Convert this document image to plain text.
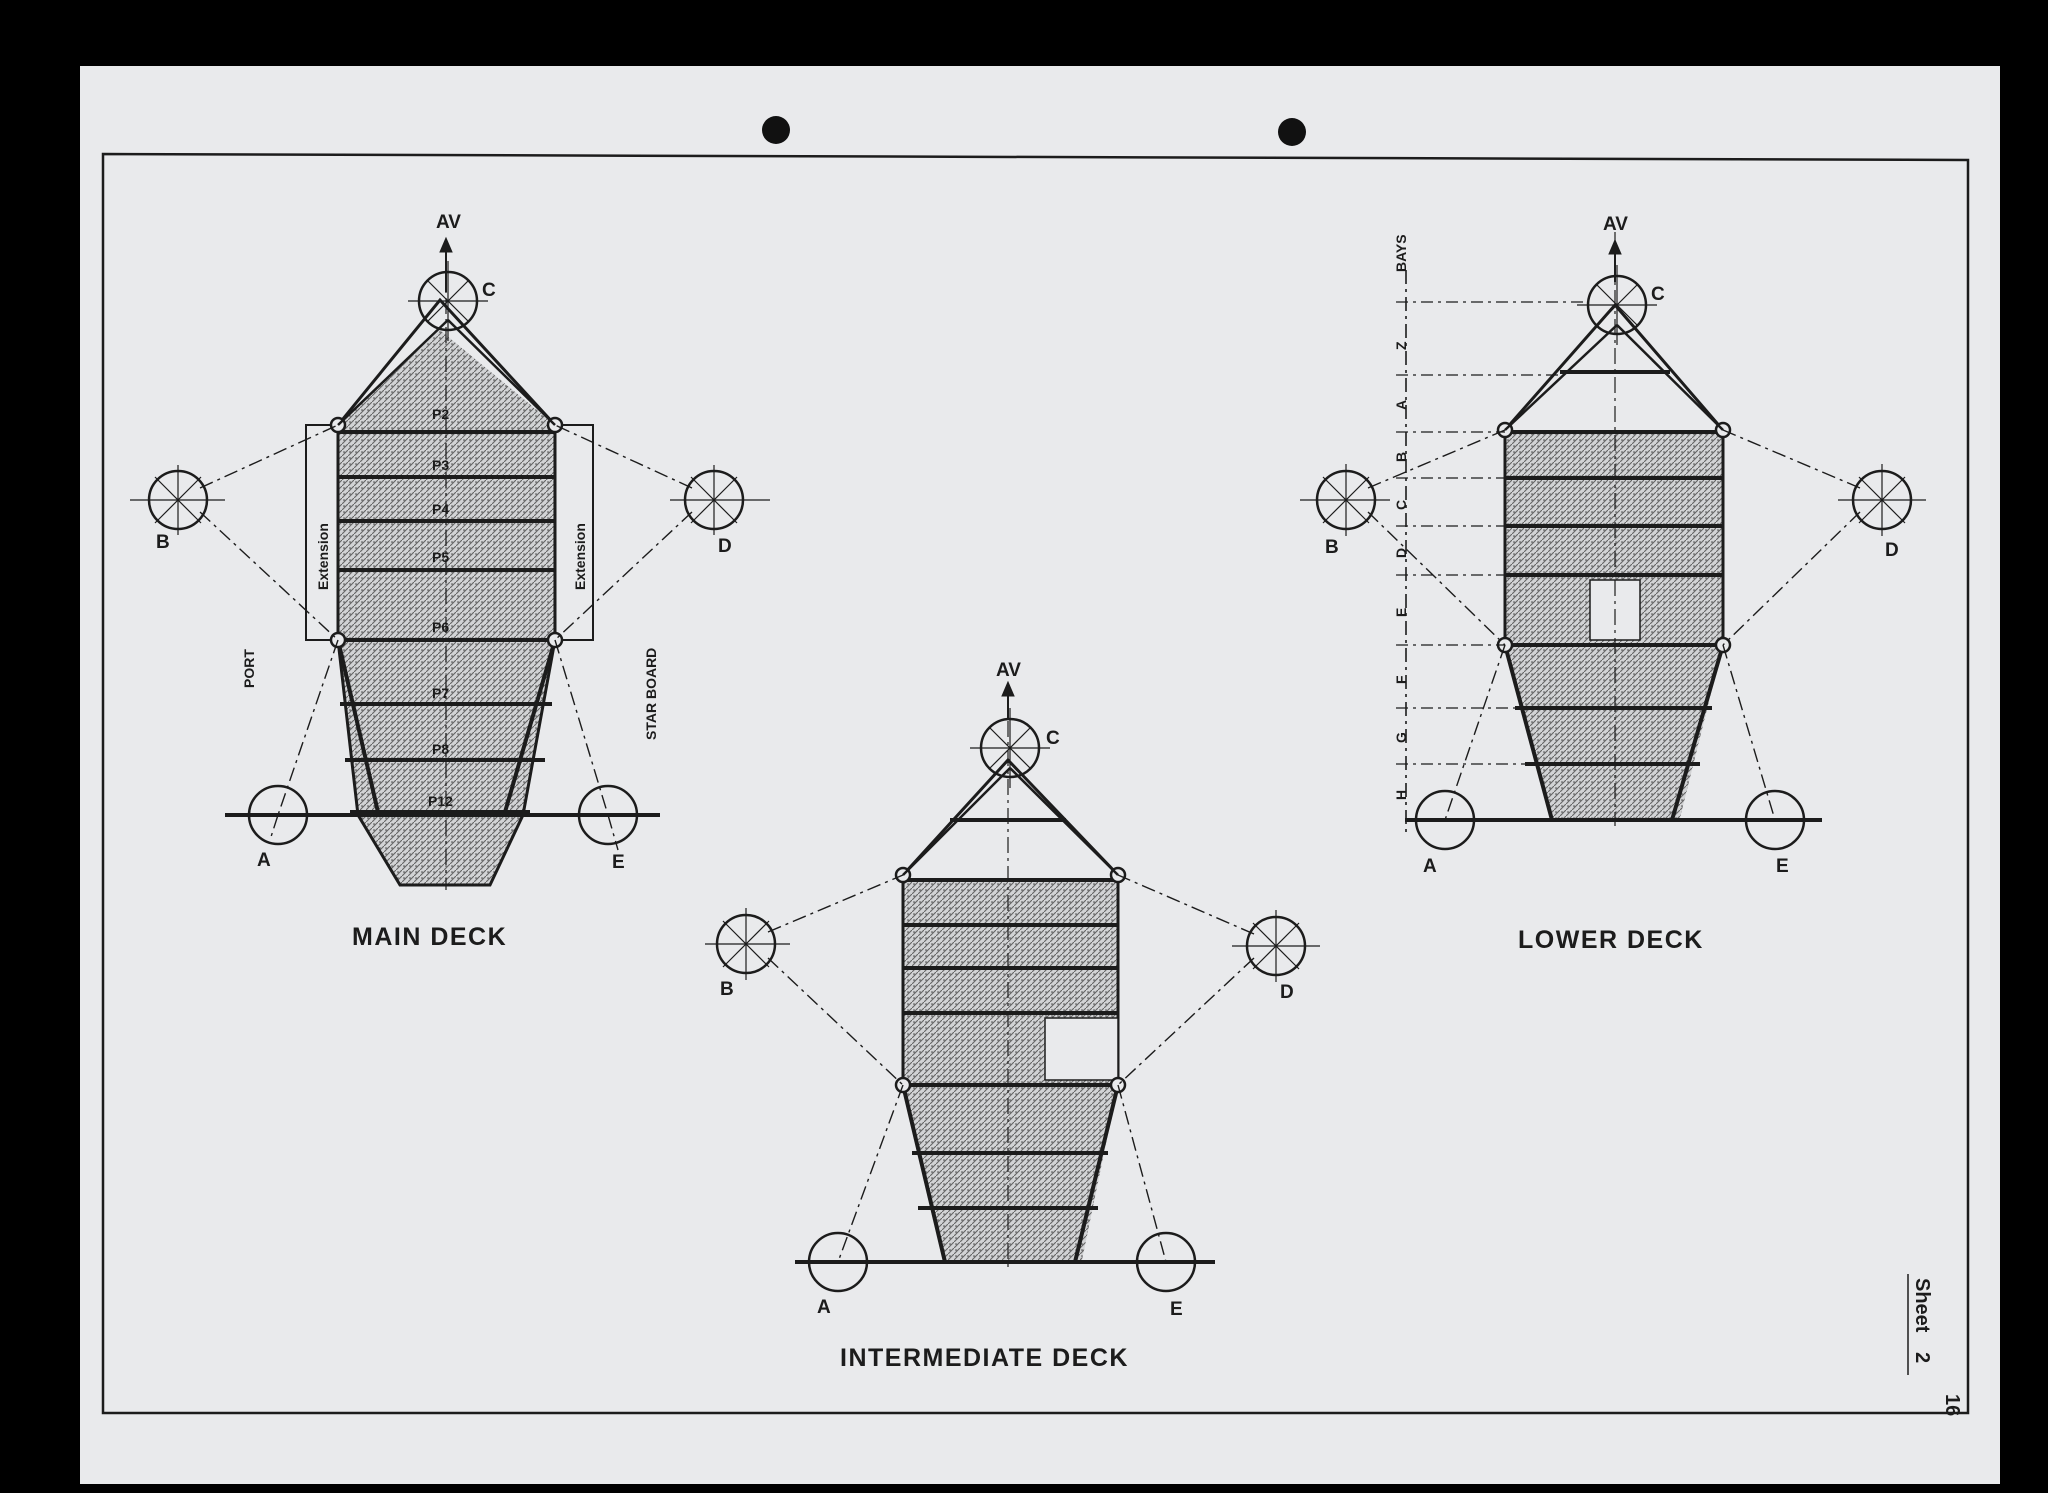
AV
C
B	D
A	E
Extension	Extension
PORT	STAR BOARD
P2
P3
P4
P5
P6
P7
P8
P12
MAIN DECK
AV
C
B	D
A	E
INTERMEDIATE DECK
AV
C
B	D
A	E
BAYS
Z
A
B
C
D
E
F
G
H
LOWER DECK
Sheet
2
16
